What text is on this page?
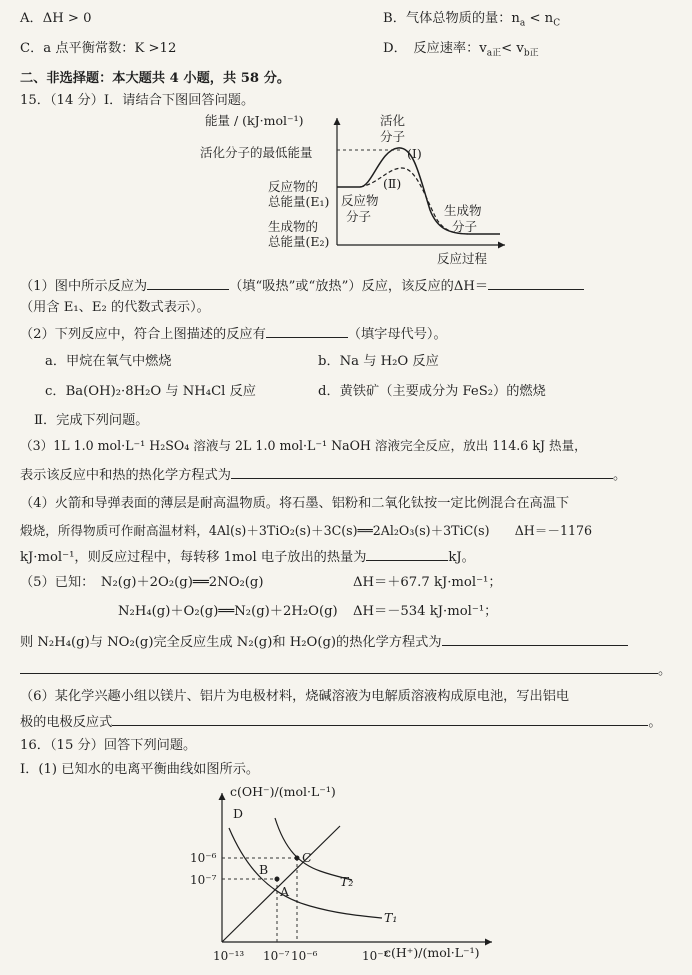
A．ΔH > 0	B．气体总物质的量：$n_a < n_C$
C．a 点平衡常数：K >12	D．　反应速率：$v_{a正}< v_{b正}$
二、非选择题：本大题共 4 小题，共 58 分。
15．（14 分）Ⅰ．请结合下图回答问题。
能量 / (kJ·mol⁻¹)	活化
分子
活化分子的最低能量
反应物的
总能量(E₁)
生成物的
总能量(E₂)
(Ⅰ)
(Ⅱ)
反应物
分子	生成物
分子
反应过程
（1）图中所示反应为	（填“吸热”或“放热”）反应，该反应的ΔH＝
（用含 E₁、E₂ 的代数式表示）。
（2）下列反应中，符合上图描述的反应有	（填字母代号）。
a．甲烷在氧气中燃烧	b．Na 与 H₂O 反应
c．Ba(OH)₂·8H₂O 与 NH₄Cl 反应	d．黄铁矿（主要成分为 FeS₂）的燃烧
Ⅱ．完成下列问题。
（3）1L 1.0 mol·L⁻¹ H₂SO₄ 溶液与 2L 1.0 mol·L⁻¹ NaOH 溶液完全反应，放出 114.6 kJ 热量，
表示该反应中和热的热化学方程式为	。
（4）火箭和导弹表面的薄层是耐高温物质。将石墨、铝粉和二氧化钛按一定比例混合在高温下
煅烧，所得物质可作耐高温材料，4Al(s)＋3TiO₂(s)＋3C(s)══2Al₂O₃(s)＋3TiC(s)　　ΔH＝－1176
kJ·mol⁻¹，则反应过程中，每转移 1mol 电子放出的热量为	kJ。
（5）已知：　N₂(g)＋2O₂(g)══2NO₂(g)	ΔH＝＋67.7 kJ·mol⁻¹；
N₂H₄(g)＋O₂(g)══N₂(g)＋2H₂O(g) ΔH＝－534 kJ·mol⁻¹；
则 N₂H₄(g)与 NO₂(g)完全反应生成 N₂(g)和 H₂O(g)的热化学方程式为
。
（6）某化学兴趣小组以镁片、铝片为电极材料，烧碱溶液为电解质溶液构成原电池，写出铝电
极的电极反应式	。
16．（15 分）回答下列问题。
Ⅰ．(1) 已知水的电离平衡曲线如图所示。
c(OH⁻)/(mol·L⁻¹)
c(H⁺)/(mol·L⁻¹)
10⁻⁶
10⁻⁷
10⁻¹³ 10⁻⁷ 10⁻⁶	10⁻²
D
B
C
A
T₂
T₁
